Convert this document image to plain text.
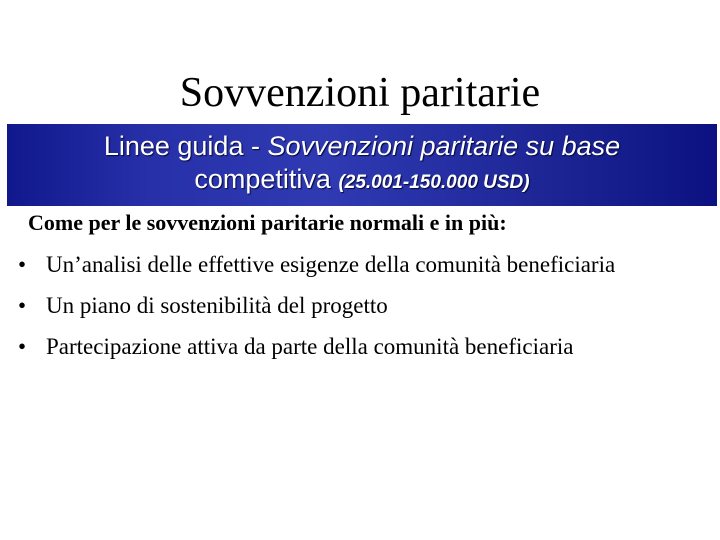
Sovvenzioni paritarie
Linee guida - Sovvenzioni paritarie su base
competitiva (25.001-150.000 USD)
Come per le sovvenzioni paritarie normali e in più:
• Un’analisi delle effettive esigenze della comunità beneficiaria
• Un piano di sostenibilità del progetto
• Partecipazione attiva da parte della comunità beneficiaria
